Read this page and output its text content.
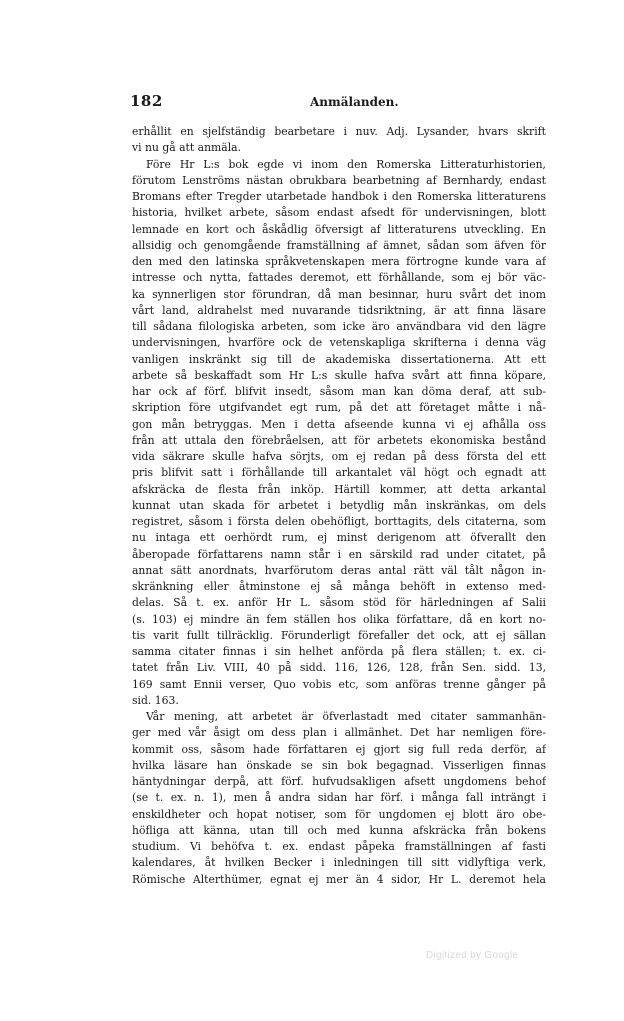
182	Anmälanden.
erhållit en sjelfständig bearbetare i nuv. Adj. Lysander, hvars skrift
vi nu gå att anmäla.
Före Hr L:s bok egde vi inom den Romerska Litteraturhistorien,
förutom Lenströms nästan obrukbara bearbetning af Bernhardy, endast
Bromans efter Tregder utarbetade handbok i den Romerska litteraturens
historia, hvilket arbete, såsom endast afsedt för undervisningen, blott
lemnade en kort och åskådlig öfversigt af litteraturens utveckling. En
allsidig och genomgående framställning af ämnet, sådan som äfven för
den med den latinska språkvetenskapen mera förtrogne kunde vara af
intresse och nytta, fattades deremot, ett förhållande, som ej bör väc-
ka synnerligen stor förundran, då man besinnar, huru svårt det inom
vårt land, aldrahelst med nuvarande tidsriktning, är att finna läsare
till sådana filologiska arbeten, som icke äro användbara vid den lägre
undervisningen, hvarföre ock de vetenskapliga skrifterna i denna väg
vanligen inskränkt sig till de akademiska dissertationerna. Att ett
arbete så beskaffadt som Hr L:s skulle hafva svårt att finna köpare,
har ock af förf. blifvit insedt, såsom man kan döma deraf, att sub-
skription före utgifvandet egt rum, på det att företaget måtte i nå-
gon mån betryggas. Men i detta afseende kunna vi ej afhålla oss
från att uttala den förebråelsen, att för arbetets ekonomiska bestånd
vida säkrare skulle hafva sörjts, om ej redan på dess första del ett
pris blifvit satt i förhållande till arkantalet väl högt och egnadt att
afskräcka de flesta från inköp. Härtill kommer, att detta arkantal
kunnat utan skada för arbetet i betydlig mån inskränkas, om dels
registret, såsom i första delen obehöfligt, borttagits, dels citaterna, som
nu intaga ett oerhördt rum, ej minst derigenom att öfverallt den
åberopade författarens namn står i en särskild rad under citatet, på
annat sätt anordnats, hvarförutom deras antal rätt väl tålt någon in-
skränkning eller åtminstone ej så många behöft in extenso med-
delas. Så t. ex. anför Hr L. såsom stöd för härledningen af Salii
(s. 103) ej mindre än fem ställen hos olika författare, då en kort no-
tis varit fullt tillräcklig. Förunderligt förefaller det ock, att ej sällan
samma citater finnas i sin helhet anförda på flera ställen; t. ex. ci-
tatet från Liv. VIII, 40 på sidd. 116, 126, 128, från Sen. sidd. 13,
169 samt Ennii verser, Quo vobis etc, som anföras trenne gånger på
sid. 163.
Vår mening, att arbetet är öfverlastadt med citater sammanhän-
ger med vår åsigt om dess plan i allmänhet. Det har nemligen före-
kommit oss, såsom hade författaren ej gjort sig full reda derför, af
hvilka läsare han önskade se sin bok begagnad. Visserligen finnas
häntydningar derpå, att förf. hufvudsakligen afsett ungdomens behof
(se t. ex. n. 1), men å andra sidan har förf. i många fall inträngt i
enskildheter och hopat notiser, som för ungdomen ej blott äro obe-
höfliga att känna, utan till och med kunna afskräcka från bokens
studium. Vi behöfva t. ex. endast påpeka framställningen af fasti
kalendares, åt hvilken Becker i inledningen till sitt vidlyftiga verk,
Römische Alterthümer, egnat ej mer än 4 sidor, Hr L. deremot hela
Digitized by Google
